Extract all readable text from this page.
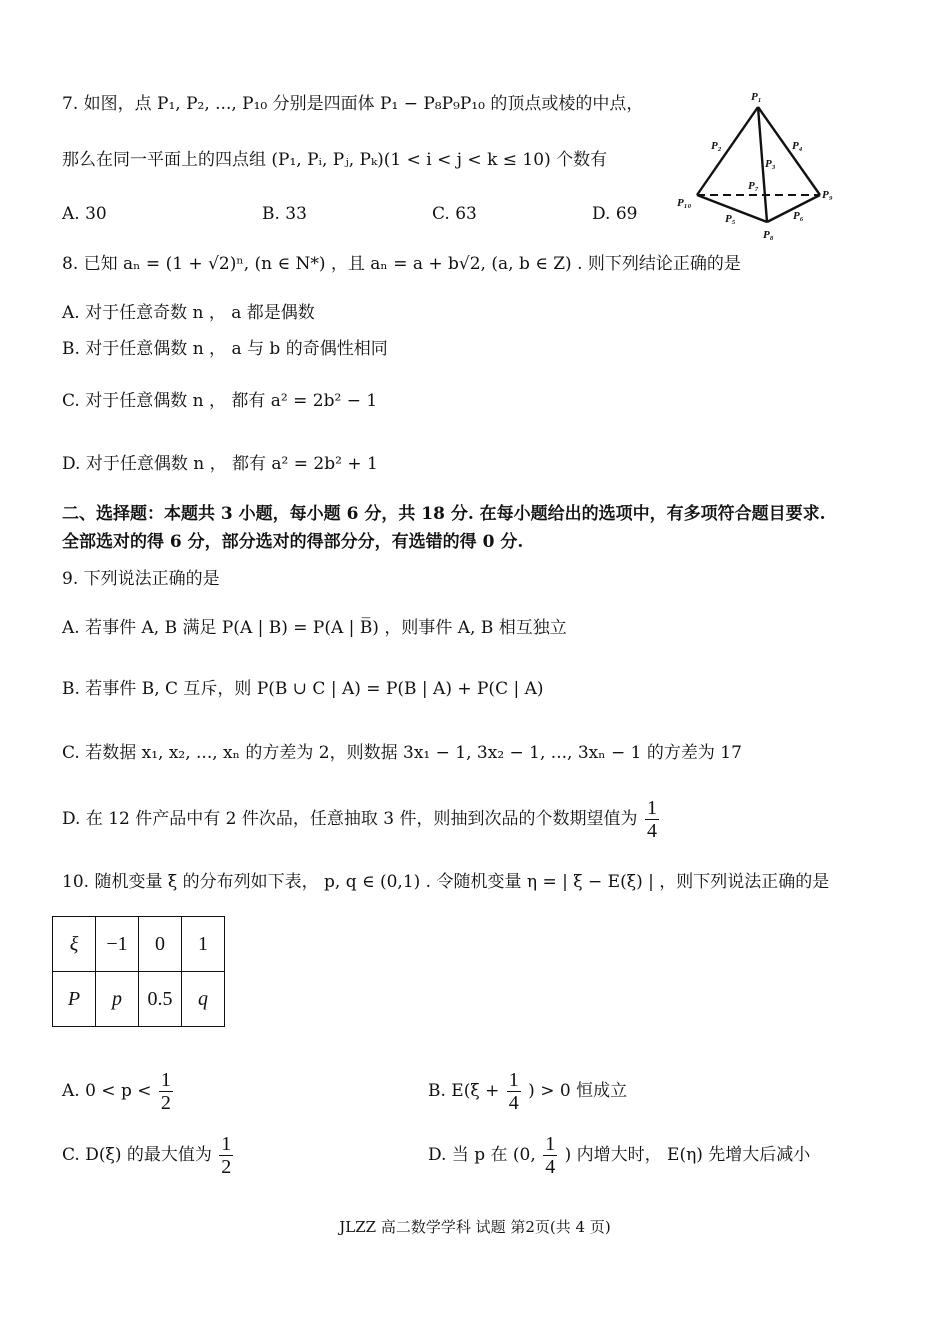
7. 如图，点 P₁, P₂, ..., P₁₀ 分别是四面体 P₁ − P₈P₉P₁₀ 的顶点或棱的中点，
那么在同一平面上的四点组 (P₁, Pᵢ, Pⱼ, Pₖ)(1 < i < j < k ≤ 10) 个数有
A. 30	B. 33	C. 63	D. 69
P₁
P₂
P₃
P₄
P₅	P₆
P₇
P₈
P₉
P₁₀
8. 已知 aₙ = (1 + √2)ⁿ, (n ∈ N*) ，且 aₙ = a + b√2, (a, b ∈ Z) . 则下列结论正确的是
A. 对于任意奇数 n ， a 都是偶数
B. 对于任意偶数 n ， a 与 b 的奇偶性相同
C. 对于任意偶数 n ， 都有 a² = 2b² − 1
D. 对于任意偶数 n ， 都有 a² = 2b² + 1
二、选择题：本题共 3 小题，每小题 6 分，共 18 分. 在每小题给出的选项中，有多项符合题目要求.
全部选对的得 6 分，部分选对的得部分分，有选错的得 0 分.
9. 下列说法正确的是
A. 若事件 A, B 满足 P(A | B) = P(A | B̅) ，则事件 A, B 相互独立
B. 若事件 B, C 互斥，则 P(B ∪ C | A) = P(B | A) + P(C | A)
C. 若数据 x₁, x₂, ..., xₙ 的方差为 2，则数据 3x₁ − 1, 3x₂ − 1, ..., 3xₙ − 1 的方差为 17
D. 在 12 件产品中有 2 件次品，任意抽取 3 件，则抽到次品的个数期望值为 $\frac{1}{4}$
10. 随机变量 ξ 的分布列如下表， p, q ∈ (0,1) . 令随机变量 η = | ξ − E(ξ) | ，则下列说法正确的是
ξ	−1	0	1
P	p	0.5	q
A. $0 < p < \frac{1}{2}$	B. $E(\xi + \frac{1}{4}$ ) > 0 恒成立
C. D(ξ) 的最大值为 $\frac{1}{2}$	D. 当 p 在 (0, $\frac{1}{4}$ ) 内增大时， E(η) 先增大后减小
JLZZ 高二数学学科 试题 第2页(共 4 页)
